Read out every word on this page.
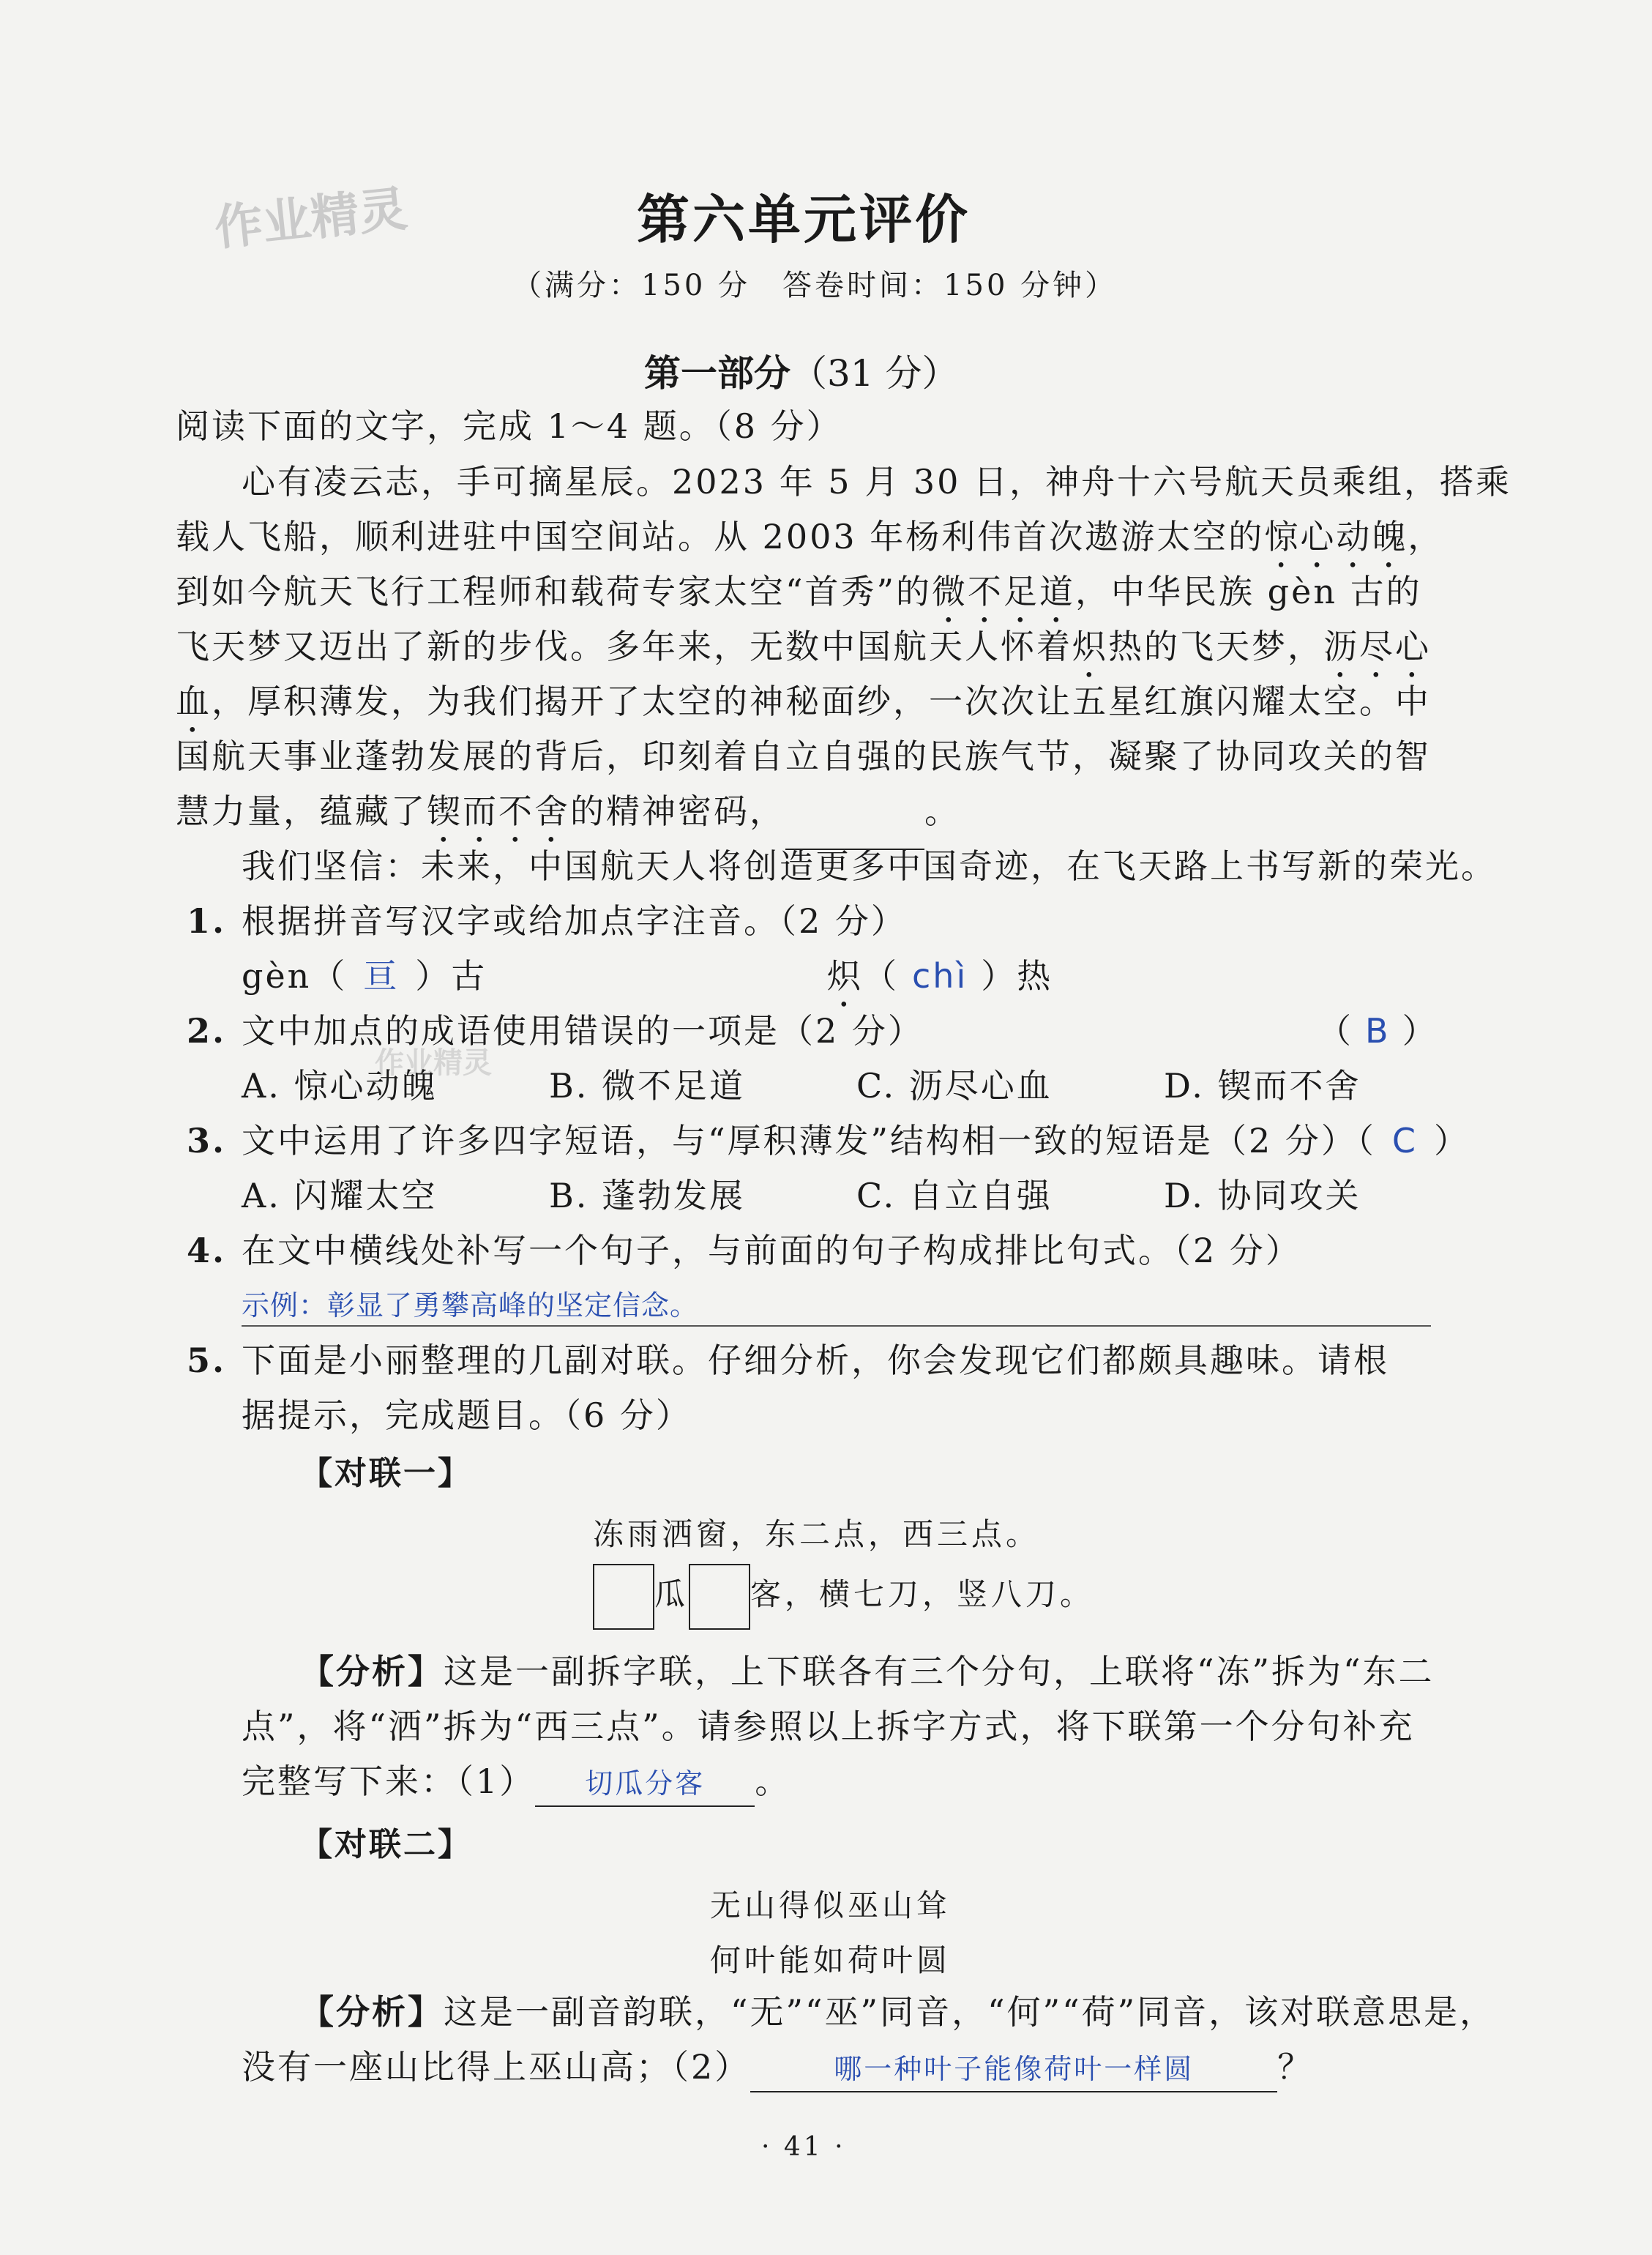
作业精灵
作业精灵
第六单元评价
（满分：150 分　答卷时间：150 分钟）
第一部分（31 分）
阅读下面的文字，完成 1～4 题。（8 分）
心有凌云志，手可摘星辰。2023 年 5 月 30 日，神舟十六号航天员乘组，搭乘
载人飞船，顺利进驻中国空间站。从 2003 年杨利伟首次遨游太空的惊心动魄，
到如今航天飞行工程师和载荷专家太空“首秀”的微不足道，中华民族 gèn 古的
飞天梦又迈出了新的步伐。多年来，无数中国航天人怀着炽热的飞天梦，沥尽心
血，厚积薄发，为我们揭开了太空的神秘面纱，一次次让五星红旗闪耀太空。中
国航天事业蓬勃发展的背后，印刻着自立自强的民族气节，凝聚了协同攻关的智
慧力量，蕴藏了锲而不舍的精神密码，	。
我们坚信：未来，中国航天人将创造更多中国奇迹，在飞天路上书写新的荣光。
1. 根据拼音写汉字或给加点字注音。（2 分）
gèn（ 亘 ）古	炽（ chì ）热
2. 文中加点的成语使用错误的一项是（2 分）	（ B ）
A. 惊心动魄	B. 微不足道	C. 沥尽心血	D. 锲而不舍
3. 文中运用了许多四字短语，与“厚积薄发”结构相一致的短语是（2 分）（ C ）
A. 闪耀太空	B. 蓬勃发展	C. 自立自强	D. 协同攻关
4. 在文中横线处补写一个句子，与前面的句子构成排比句式。（2 分）
示例：彰显了勇攀高峰的坚定信念。
5. 下面是小丽整理的几副对联。仔细分析，你会发现它们都颇具趣味。请根
据提示，完成题目。（6 分）
【对联一】
冻雨洒窗，东二点，西三点。
瓜 客，横七刀，竖八刀。
【分析】这是一副拆字联，上下联各有三个分句，上联将“冻”拆为“东二
点”，将“洒”拆为“西三点”。请参照以上拆字方式，将下联第一个分句补充
完整写下来：（1） 切瓜分客 。
【对联二】
无山得似巫山耸
何叶能如荷叶圆
【分析】这是一副音韵联，“无”“巫”同音，“何”“荷”同音，该对联意思是，
没有一座山比得上巫山高；（2）	哪一种叶子能像荷叶一样圆 ？
· 41 ·
